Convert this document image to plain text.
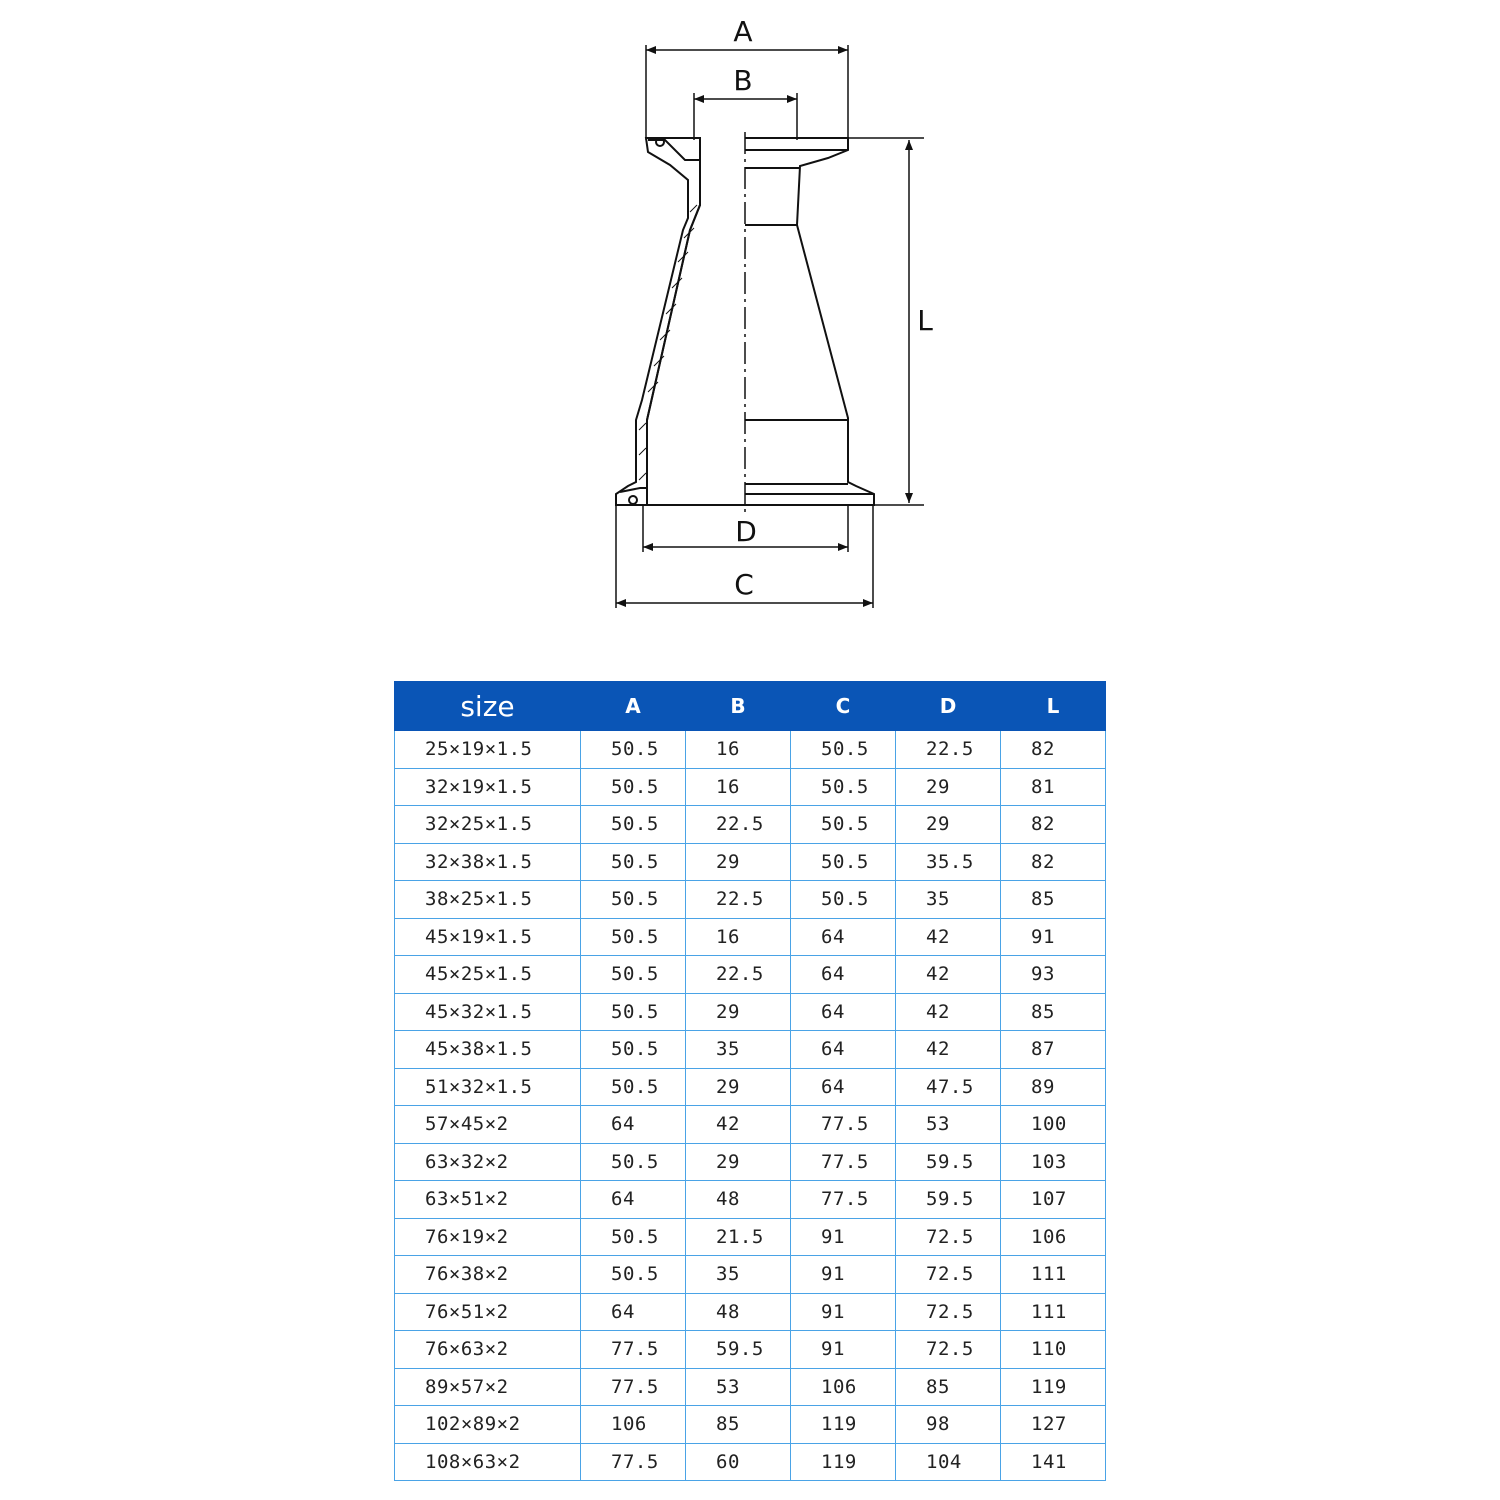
A
B
L
D
C
size	A	B	C	D	L
25×19×1.5	50.5	16	50.5	22.5	82
32×19×1.5	50.5	16	50.5	29	81
32×25×1.5	50.5	22.5	50.5	29	82
32×38×1.5	50.5	29	50.5	35.5	82
38×25×1.5	50.5	22.5	50.5	35	85
45×19×1.5	50.5	16	64	42	91
45×25×1.5	50.5	22.5	64	42	93
45×32×1.5	50.5	29	64	42	85
45×38×1.5	50.5	35	64	42	87
51×32×1.5	50.5	29	64	47.5	89
57×45×2	64	42	77.5	53	100
63×32×2	50.5	29	77.5	59.5	103
63×51×2	64	48	77.5	59.5	107
76×19×2	50.5	21.5	91	72.5	106
76×38×2	50.5	35	91	72.5	111
76×51×2	64	48	91	72.5	111
76×63×2	77.5	59.5	91	72.5	110
89×57×2	77.5	53	106	85	119
102×89×2	106	85	119	98	127
108×63×2	77.5	60	119	104	141
